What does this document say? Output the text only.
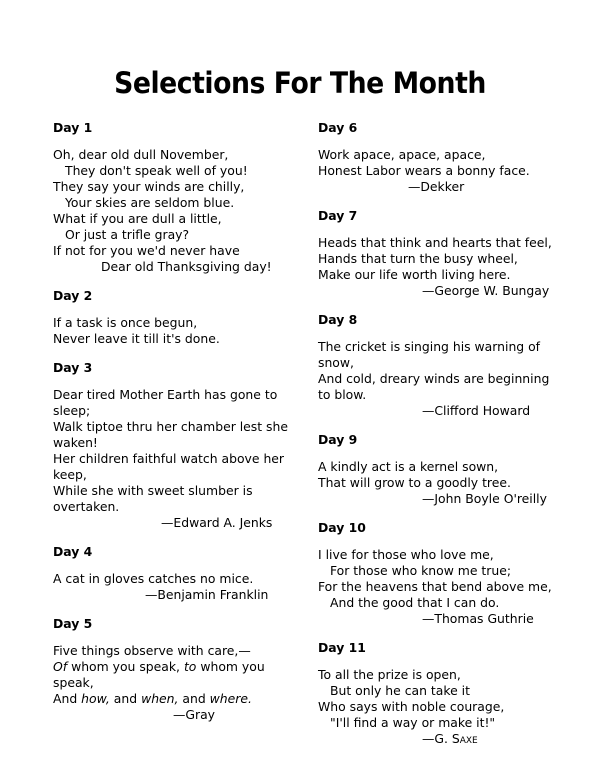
Selections For The Month
Day 1
Oh, dear old dull November,
They don't speak well of you!
They say your winds are chilly,
Your skies are seldom blue.
What if you are dull a little,
Or just a trifle gray?
If not for you we'd never have
Dear old Thanksgiving day!
Day 2
If a task is once begun,
Never leave it till it's done.
Day 3
Dear tired Mother Earth has gone to
sleep;
Walk tiptoe thru her chamber lest she
waken!
Her children faithful watch above her
keep,
While she with sweet slumber is
overtaken.
—Edward A. Jenks
Day 4
A cat in gloves catches no mice.
—Benjamin Franklin
Day 5
Five things observe with care,—
Of whom you speak, to whom you
speak,
And how, and when, and where.
—Gray
Day 6
Work apace, apace, apace,
Honest Labor wears a bonny face.
—Dekker
Day 7
Heads that think and hearts that feel,
Hands that turn the busy wheel,
Make our life worth living here.
—George W. Bungay
Day 8
The cricket is singing his warning of
snow,
And cold, dreary winds are beginning
to blow.
—Clifford Howard
Day 9
A kindly act is a kernel sown,
That will grow to a goodly tree.
—John Boyle O'reilly
Day 10
I live for those who love me,
For those who know me true;
For the heavens that bend above me,
And the good that I can do.
—Thomas Guthrie
Day 11
To all the prize is open,
But only he can take it
Who says with noble courage,
"I'll find a way or make it!"
—G. Saxe
